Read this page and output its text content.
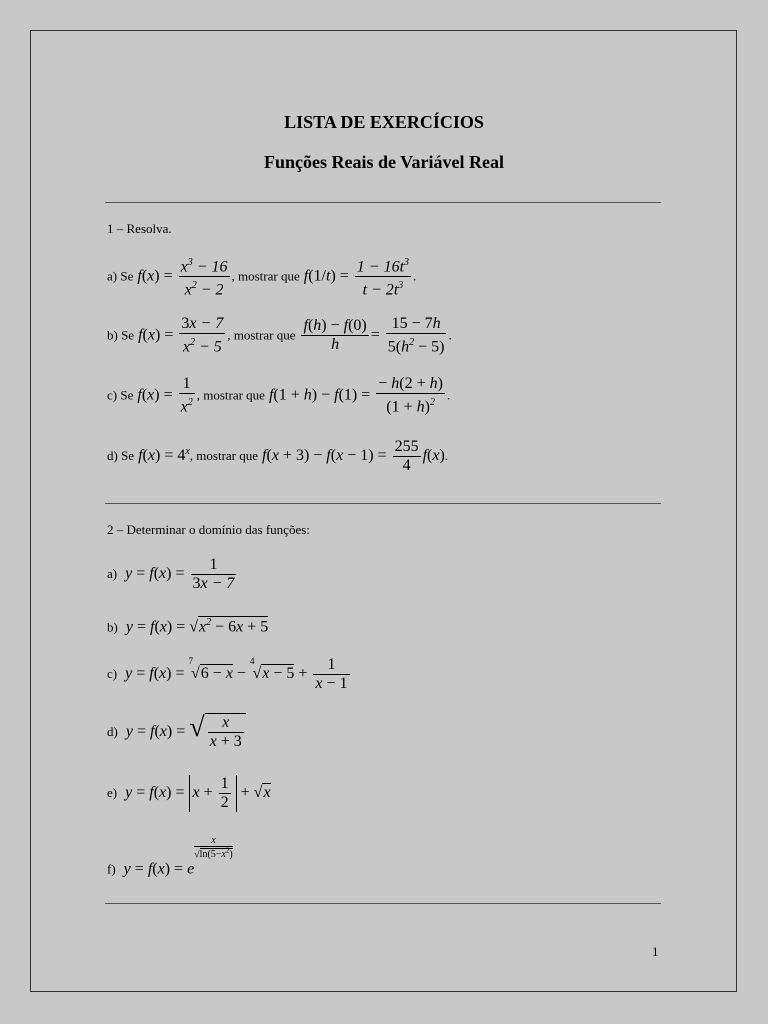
LISTA DE EXERCÍCIOS
Funções Reais de Variável Real
1 – Resolva.
a) Se $f(x) = \frac{x^3 - 16}{x^2 - 2}$ , mostrar que $f(1/t) = \frac{1 - 16t^3}{t - 2t^3}$ .
b) Se $f(x) = \frac{3x - 7}{x^2 - 5}$ , mostrar que $\frac{f(h) - f(0)}{h} = \frac{15 - 7h}{5(h^2 - 5)}$ .
c) Se $f(x) = \frac{1}{x^2}$ , mostrar que $f(1 + h) - f(1) = \frac{- h(2 + h)}{(1 + h)^2}$ .
d) Se $f(x) = 4^x$, mostrar que $f(x + 3) - f(x - 1) = \frac{255}{4} f(x)$.
2 – Determinar o domínio das funções:
a) $y = f(x) = \frac{1}{3x - 7}$
b) $y = f(x) = √x^2 - 6x + 5$
c) $y = f(x) = ^7√6 - x - ^4√x - 5 + \frac{1}{x - 1}$
d) y = f(x) = √ $\frac{x}{x + 3}$
e) $y = f(x) = x + \frac{1}{2} + √x$
f) y = f(x) = e
$\frac{x}{√\ln(5-x^2)}$
1
